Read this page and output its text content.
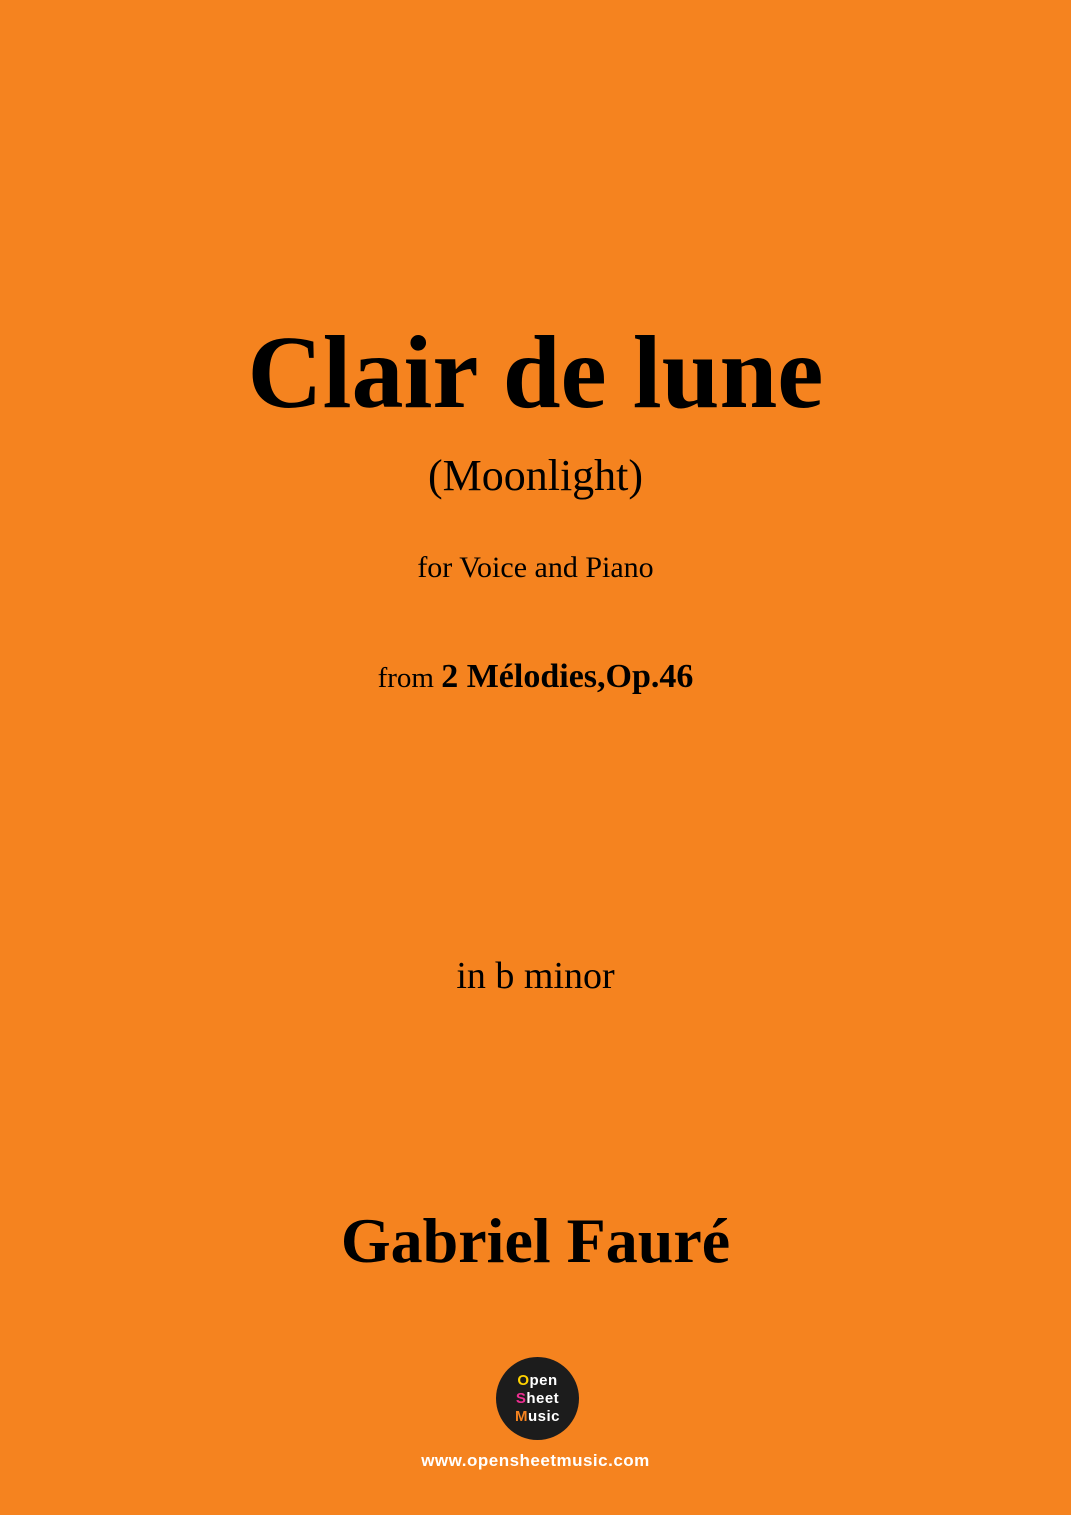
Clair de lune
(Moonlight)
for Voice and Piano
from 2 Mélodies,Op.46
in b minor
Gabriel Fauré
Open
Sheet
Music
www.opensheetmusic.com
